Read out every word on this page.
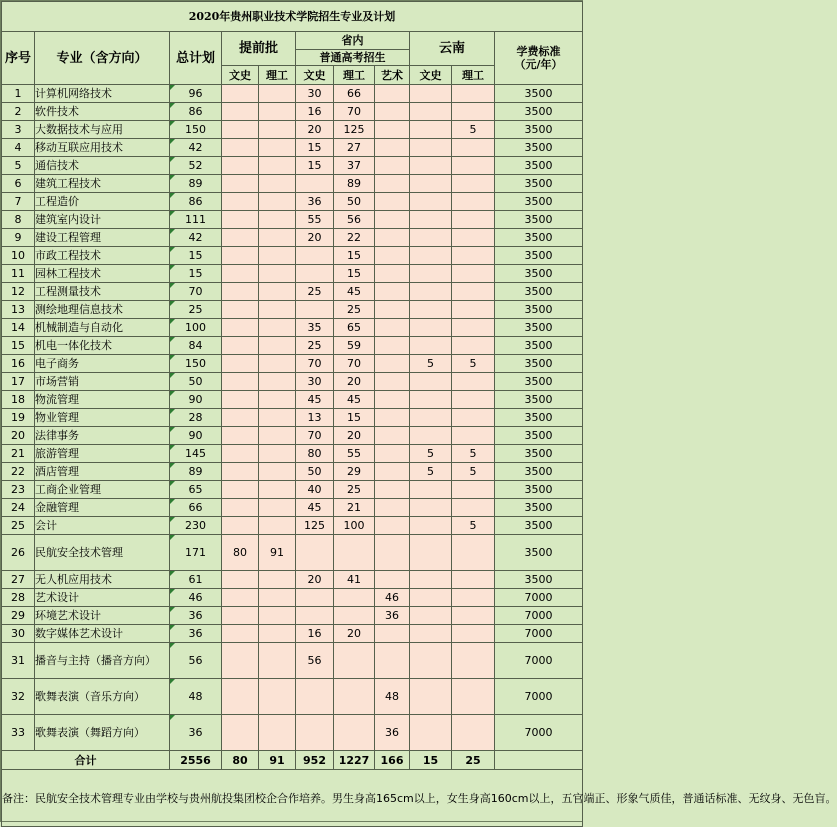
2020年贵州职业技术学院招生专业及计划										
序号	专业（含方向）	总计划	提前批		省内			云南		学费标准
（元/年）

					普通高考招生					
			文史	理工	文史	理工	艺术	文史	理工	
1	计算机网络技术	96			30	66				3500
2	软件技术	86			16	70				3500
3	大数据技术与应用	150			20	125			5	3500
4	移动互联应用技术	42			15	27				3500
5	通信技术	52			15	37				3500
6	建筑工程技术	89				89				3500
7	工程造价	86			36	50				3500
8	建筑室内设计	111			55	56				3500
9	建设工程管理	42			20	22				3500
10	市政工程技术	15				15				3500
11	园林工程技术	15				15				3500
12	工程测量技术	70			25	45				3500
13	测绘地理信息技术	25				25				3500
14	机械制造与自动化	100			35	65				3500
15	机电一体化技术	84			25	59				3500
16	电子商务	150			70	70		5	5	3500
17	市场营销	50			30	20				3500
18	物流管理	90			45	45				3500
19	物业管理	28			13	15				3500
20	法律事务	90			70	20				3500
21	旅游管理	145			80	55		5	5	3500
22	酒店管理	89			50	29		5	5	3500
23	工商企业管理	65			40	25				3500
24	金融管理	66			45	21				3500
25	会计	230			125	100			5	3500
26	民航安全技术管理	171	80	91						3500
27	无人机应用技术	61			20	41				3500
28	艺术设计	46					46			7000
29	环境艺术设计	36					36			7000
30	数字媒体艺术设计	36			16	20				7000
31	播音与主持（播音方向）	56			56					7000
32	歌舞表演（音乐方向）	48					48			7000
33	歌舞表演（舞蹈方向）	36					36			7000
合计		2556	80	91	952	1227	166	15	25	
备注：民航安全技术管理专业由学校与贵州航投集团校企合作培养。男生身高165cm以上，女生身高160cm以上，五官端正、形象气质佳，普通话标准、无纹身、无色盲。										
